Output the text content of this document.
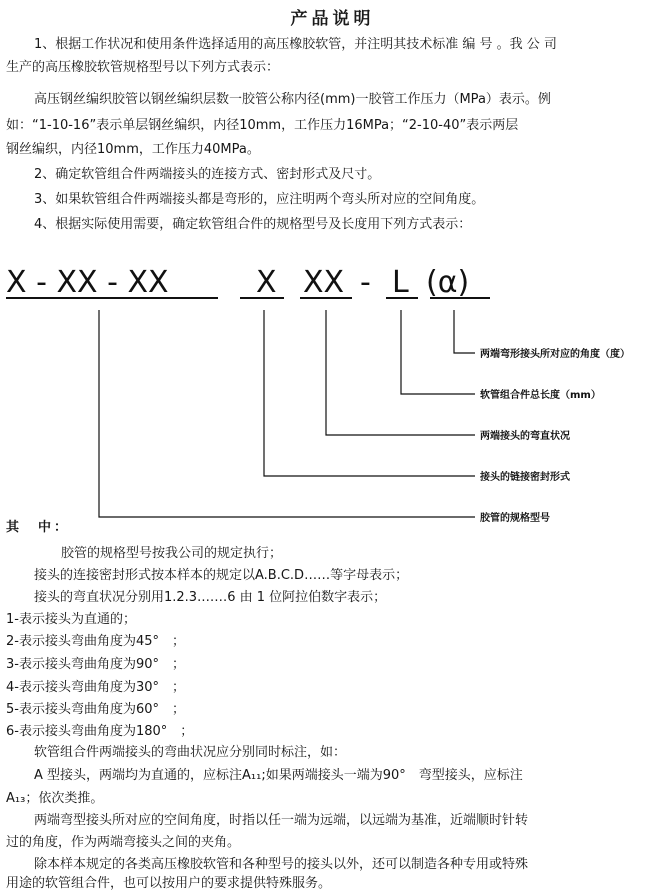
产品说明
1、根据工作状况和使用条件选择适用的高压橡胶软管，并注明其技术标准 编 号 。我 公 司
生产的高压橡胶软管规格型号以下列方式表示：
高压钢丝编织胶管以钢丝编织层数一胶管公称内径(mm)一胶管工作压力（MPa）表示。例
如：“1-10-16”表示单层钢丝编织，内径10mm，工作压力16MPa；“2-10-40”表示两层
钢丝编织，内径10mm，工作压力40MPa。
2、确定软管组合件两端接头的连接方式、密封形式及尺寸。
3、如果软管组合件两端接头都是弯形的，应注明两个弯头所对应的空间角度。
4、根据实际使用需要，确定软管组合件的规格型号及长度用下列方式表示：
X - XX - XX	X XX - L (α)
两端弯形接头所对应的角度（度）
软管组合件总长度（mm）
两端接头的弯直状况
接头的链接密封形式
胶管的规格型号
其　中：
胶管的规格型号按我公司的规定执行；
接头的连接密封形式按本样本的规定以A.B.C.D……等字母表示；
接头的弯直状况分别用1.2.3.……6 由 1 位阿拉伯数字表示；
1-表示接头为直通的；
2-表示接头弯曲角度为45°　；
3-表示接头弯曲角度为90°　；
4-表示接头弯曲角度为30°　；
5-表示接头弯曲角度为60°　；
6-表示接头弯曲角度为180°　；
软管组合件两端接头的弯曲状况应分别同时标注，如：
A 型接头，两端均为直通的，应标注A₁₁;如果两端接头一端为90°　弯型接头，应标注
A₁₃；依次类推。
两端弯型接头所对应的空间角度，时指以任一端为远端，以远端为基准，近端顺时针转
过的角度，作为两端弯接头之间的夹角。
除本样本规定的各类高压橡胶软管和各种型号的接头以外，还可以制造各种专用或特殊
用途的软管组合件，也可以按用户的要求提供特殊服务。
